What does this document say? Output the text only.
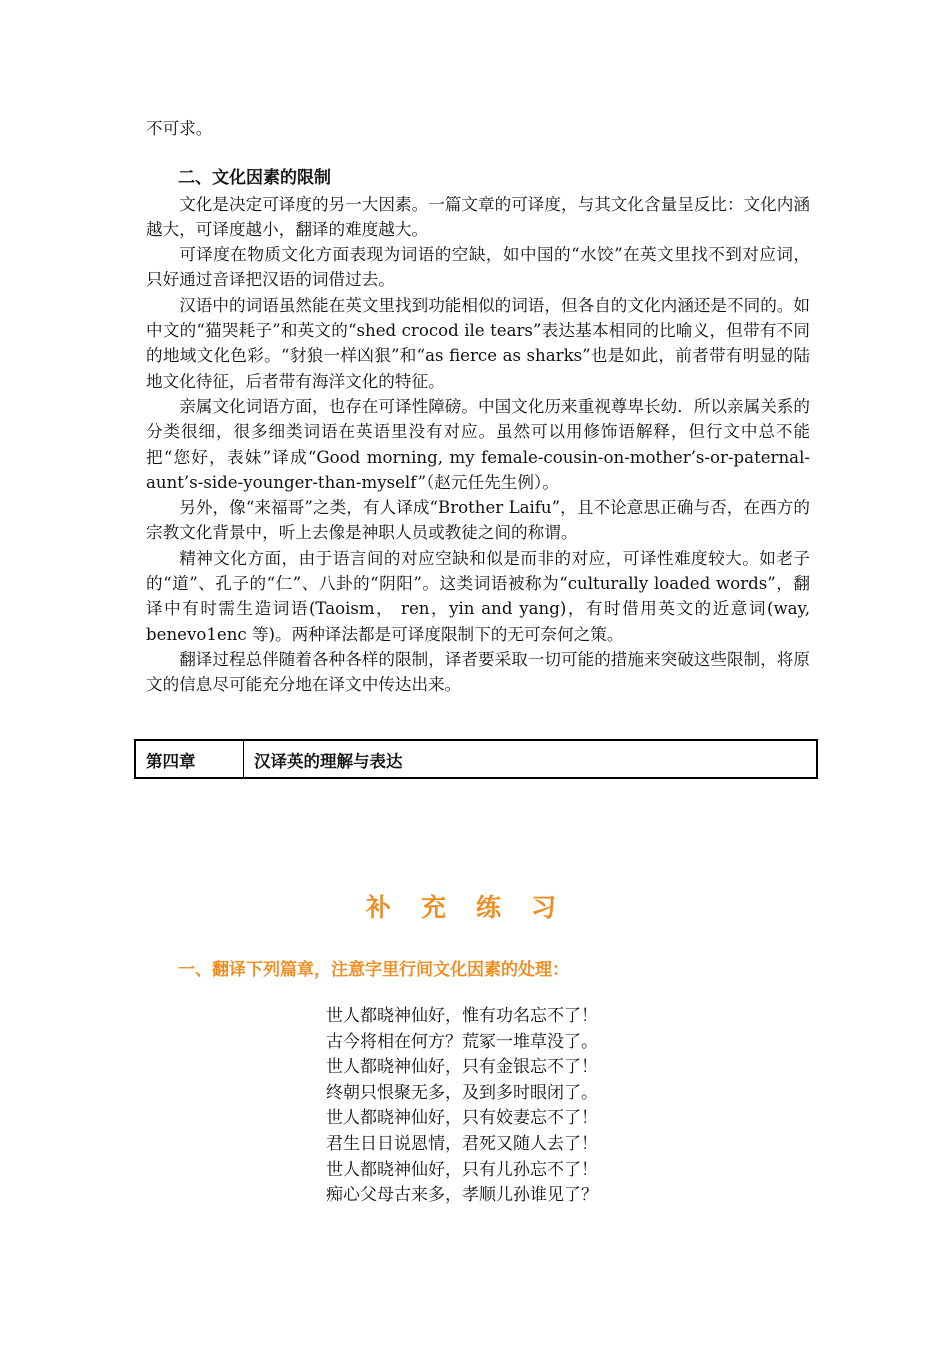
不可求。

二、文化因素的限制

文化是决定可译度的另一大因素。一篇文章的可译度，与其文化含量呈反比：文化内涵越大，可译度越小，翻译的难度越大。

可译度在物质文化方面表现为词语的空缺，如中国的“水饺”在英文里找不到对应词，只好通过音译把汉语的词借过去。

汉语中的词语虽然能在英文里找到功能相似的词语，但各自的文化内涵还是不同的。如中文的“猫哭耗子”和英文的“shed crocod ile tears”表达基本相同的比喻义，但带有不同的地域文化色彩。“豺狼一样凶狠”和“as fierce as sharks”也是如此，前者带有明显的陆地文化待征，后者带有海洋文化的特征。

亲属文化词语方面，也存在可译性障磅。中国文化历来重视尊卑长幼．所以亲属关系的分类很细，很多细类词语在英语里没有对应。虽然可以用修饰语解释，但行文中总不能把“您好，表妹”译成“Good morning, my female-cousin-on-mother’s-or-paternal-aunt’s-side-younger-than-myself”（赵元任先生例）。

另外，像“来福哥”之类，有人译成“Brother Laifu”，且不论意思正确与否，在西方的宗教文化背景中，听上去像是神职人员或教徒之间的称谓。

精神文化方面，由于语言间的对应空缺和似是而非的对应，可译性难度较大。如老子的“道”、孔子的“仁”、八卦的“阴阳”。这类词语被称为“culturally loaded words”，翻译中有时需生造词语(Taoism， ren，yin and yang)，有时借用英文的近意词(way, benevo1enc 等)。两种译法都是可译度限制下的无可奈何之策。

翻译过程总伴随着各种各样的限制，译者要采取一切可能的措施来突破这些限制，将原文的信息尽可能充分地在译文中传达出来。

第四章	汉译英的理解与表达
补充练习
一、翻译下列篇章，注意字里行间文化因素的处理：
世人都晓神仙好，惟有功名忘不了！
古今将相在何方？荒冢一堆草没了。
世人都晓神仙好，只有金银忘不了！
终朝只恨聚无多，及到多时眼闭了。
世人都晓神仙好，只有姣妻忘不了！
君生日日说恩情，君死又随人去了！
世人都晓神仙好，只有儿孙忘不了！
痴心父母古来多，孝顺儿孙谁见了？
